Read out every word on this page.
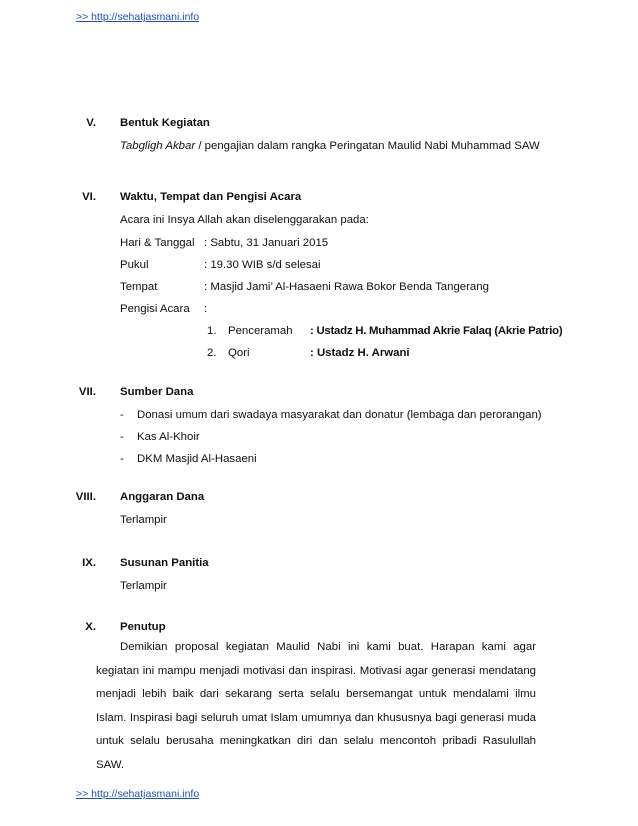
>> http://sehatjasmani.info
V. Bentuk Kegiatan
Tabgligh Akbar / pengajian dalam rangka Peringatan Maulid Nabi Muhammad SAW
VI. Waktu, Tempat dan Pengisi Acara
Acara ini Insya Allah akan diselenggarakan pada:
Hari & Tanggal : Sabtu, 31 Januari 2015
Pukul	: 19.30 WIB s/d selesai
Tempat	: Masjid Jami’ Al-Hasaeni Rawa Bokor Benda Tangerang
Pengisi Acara :
1. Penceramah : Ustadz H. Muhammad Akrie Falaq (Akrie Patrio)
2. Qori	: Ustadz H. Arwani
VII. Sumber Dana
- Donasi umum dari swadaya masyarakat dan donatur (lembaga dan perorangan)
- Kas Al-Khoir
- DKM Masjid Al-Hasaeni
VIII. Anggaran Dana
Terlampir
IX. Susunan Panitia
Terlampir
X. Penutup
Demikian proposal kegiatan Maulid Nabi ini kami buat. Harapan kami agar kegiatan ini mampu menjadi motivasi dan inspirasi. Motivasi agar generasi mendatang menjadi lebih baik dari sekarang serta selalu bersemangat untuk mendalami ilmu Islam. Inspirasi bagi seluruh umat Islam umumnya dan khususnya bagi generasi muda untuk selalu berusaha meningkatkan diri dan selalu mencontoh pribadi Rasulullah SAW.
>> http://sehatjasmani.info
